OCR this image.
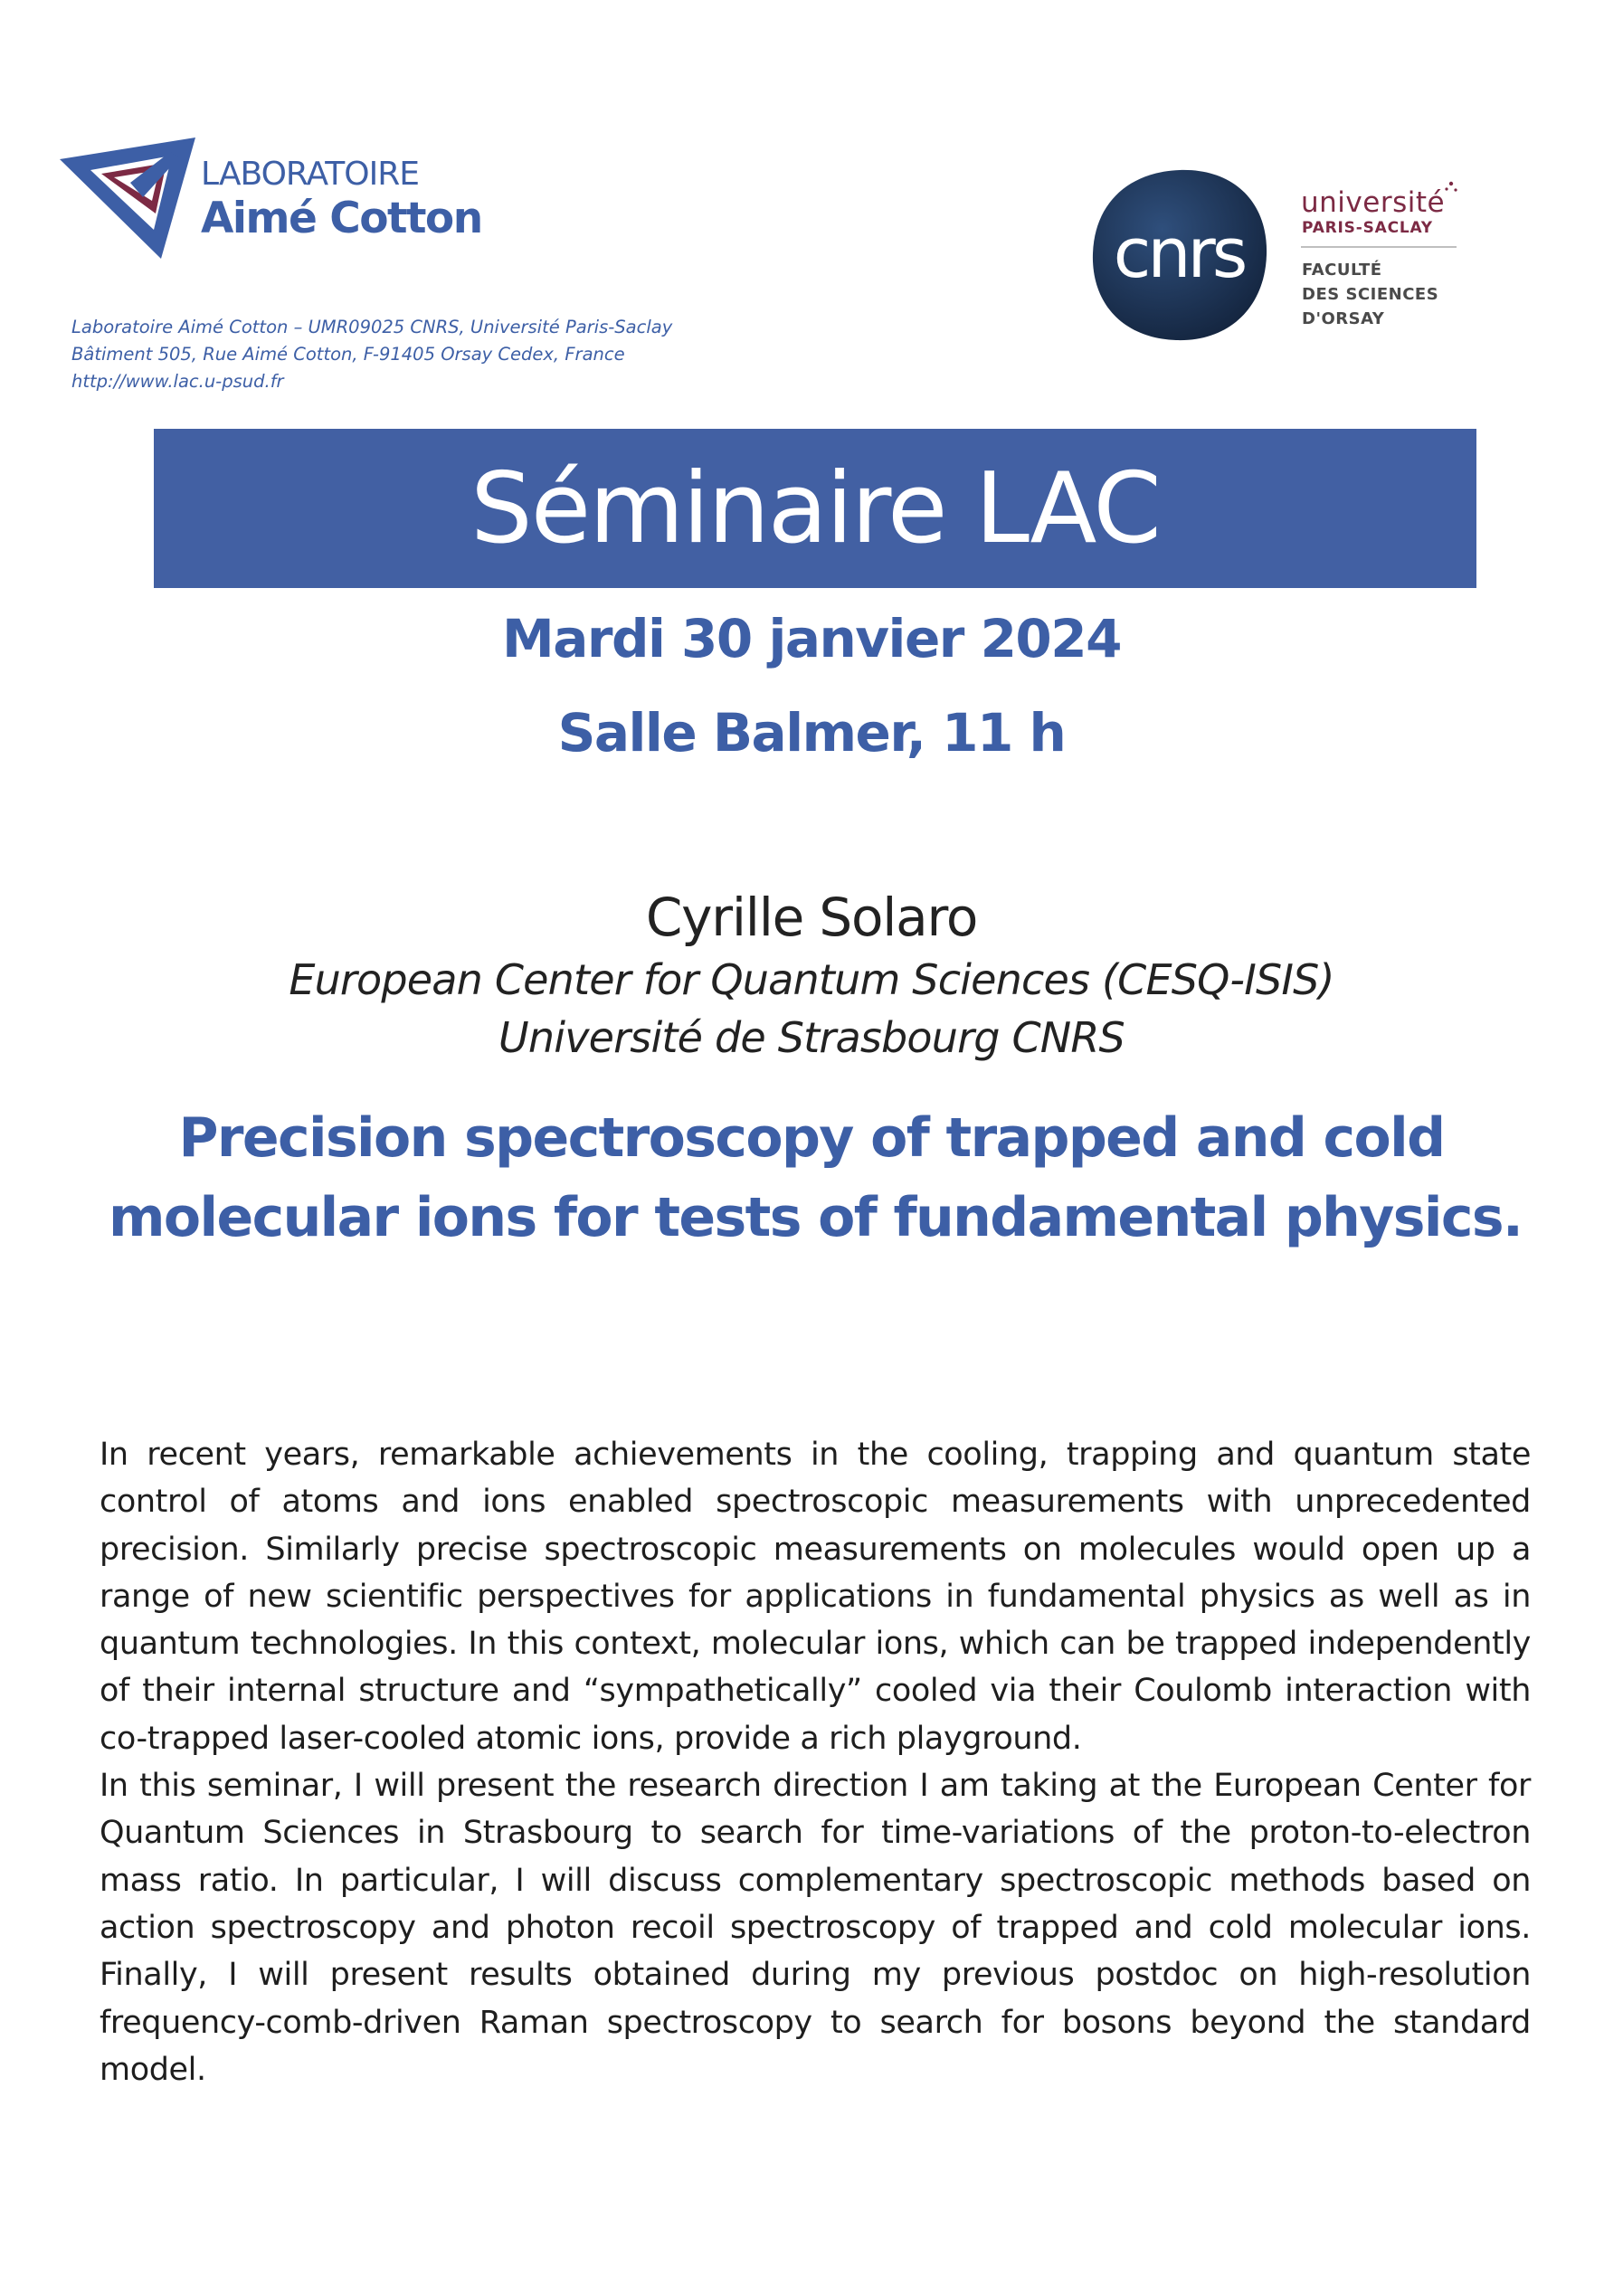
LABORATOIRE
Aimé Cotton
Laboratoire Aimé Cotton – UMR09025 CNRS, Université Paris-Saclay
Bâtiment 505, Rue Aimé Cotton, F-91405 Orsay Cedex, France
http://www.lac.u-psud.fr
cnrs
université
PARIS-SACLAY
FACULTÉ
DES SCIENCES
D'ORSAY
Séminaire LAC
Mardi 30 janvier 2024
Salle Balmer, 11 h
Cyrille Solaro
European Center for Quantum Sciences (CESQ-ISIS)
Université de Strasbourg CNRS
Precision spectroscopy of trapped and cold
molecular ions for tests of fundamental physics.

In recent years, remarkable achievements in the cooling, trapping and quantum state control of atoms and ions enabled spectroscopic measurements with unprecedented precision. Similarly precise spectroscopic measurements on molecules would open up a range of new scientific perspectives for applications in fundamental physics as well as in quantum technologies. In this context, molecular ions, which can be trapped independently of their internal structure and “sympathetically” cooled via their Coulomb interaction with co-trapped laser-cooled atomic ions, provide a rich playground.

In this seminar, I will present the research direction I am taking at the European Center for Quantum Sciences in Strasbourg to search for time-variations of the proton-to-electron mass ratio. In particular, I will discuss complementary spectroscopic methods based on action spectroscopy and photon recoil spectroscopy of trapped and cold molecular ions. Finally, I will present results obtained during my previous postdoc on high-resolution frequency-comb-driven Raman spectroscopy to search for bosons beyond the standard model.
